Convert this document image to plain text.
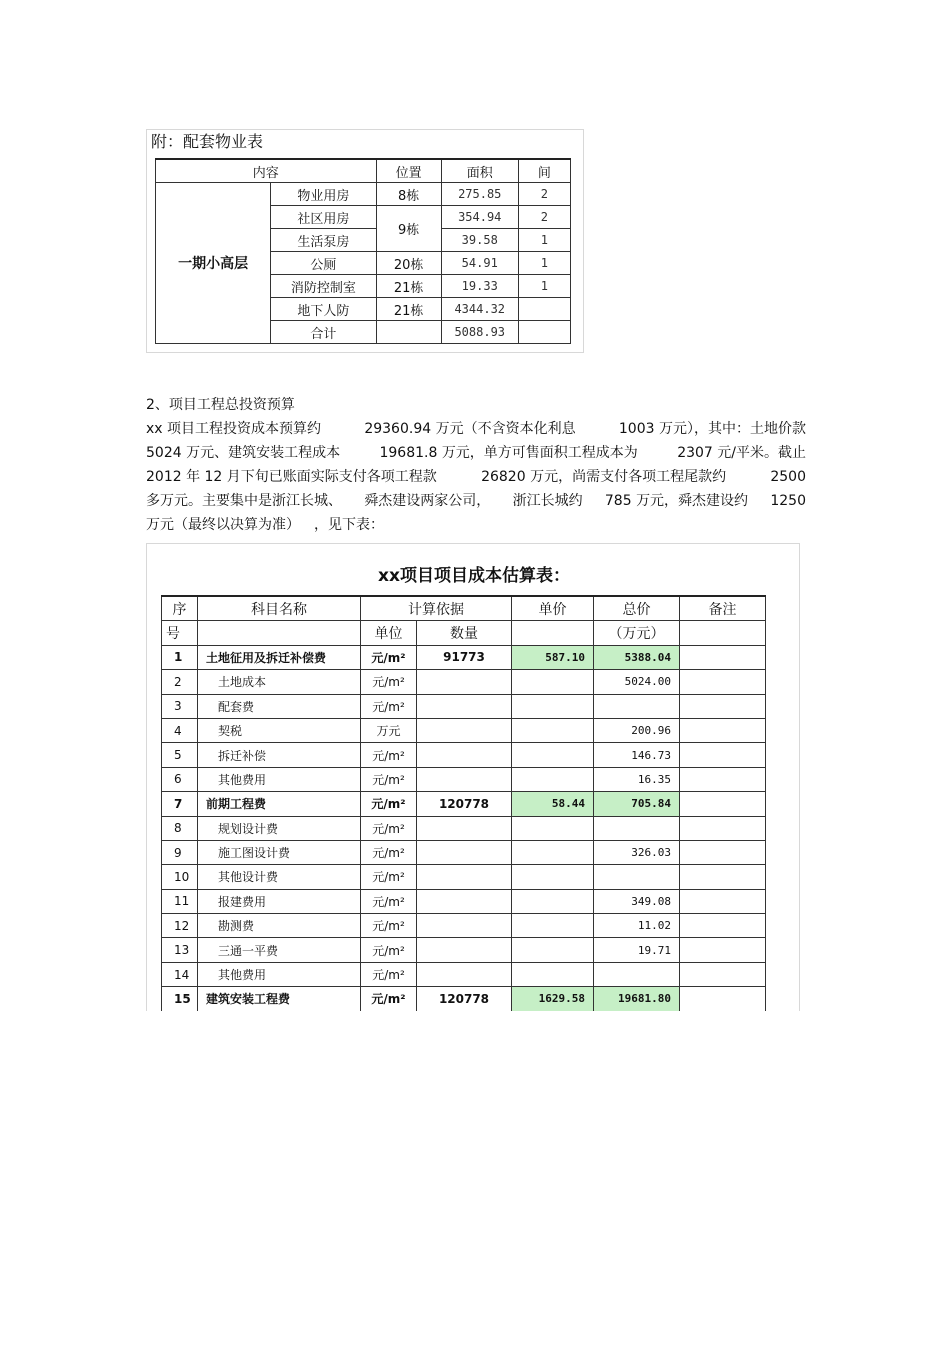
附：配套物业表
内容		位置	面积	间
一期小高层	物业用房	8栋	275.85	2
	社区用房	9栋	354.94	2
	生活泵房		39.58	1
	公厕	20栋	54.91	1
	消防控制室	21栋	19.33	1
	地下人防	21栋	4344.32	
	合计		5088.93	
2、项目工程总投资预算
xx 项目工程投资成本预算约	29360.94 万元（不含资本化利息	1003 万元），其中：土地价款
5024 万元、建筑安装工程成本	19681.8 万元，单方可售面积工程成本为	2307 元/平米。截止
2012 年 12 月下旬已账面实际支付各项工程款	26820 万元，尚需支付各项工程尾款约	2500
多万元。主要集中是浙江长城、 舜杰建设两家公司， 浙江长城约 785 万元，舜杰建设约 1250
万元（最终以决算为准） ，见下表：
xx项目项目成本估算表：
序	科目名称	计算依据		单价	总价	备注
号		单位	数量		（万元）	
1	土地征用及拆迁补偿费	元/m²	91773	587.10	5388.04	
2	土地成本	元/m²			5024.00	
3	配套费	元/m²				
4	契税	万元			200.96	
5	拆迁补偿	元/m²			146.73	
6	其他费用	元/m²			16.35	
7	前期工程费	元/m²	120778	58.44	705.84	
8	规划设计费	元/m²				
9	施工图设计费	元/m²			326.03	
10	其他设计费	元/m²				
11	报建费用	元/m²			349.08	
12	勘测费	元/m²			11.02	
13	三通一平费	元/m²			19.71	
14	其他费用	元/m²				
15	建筑安装工程费	元/m²	120778	1629.58	19681.80	
